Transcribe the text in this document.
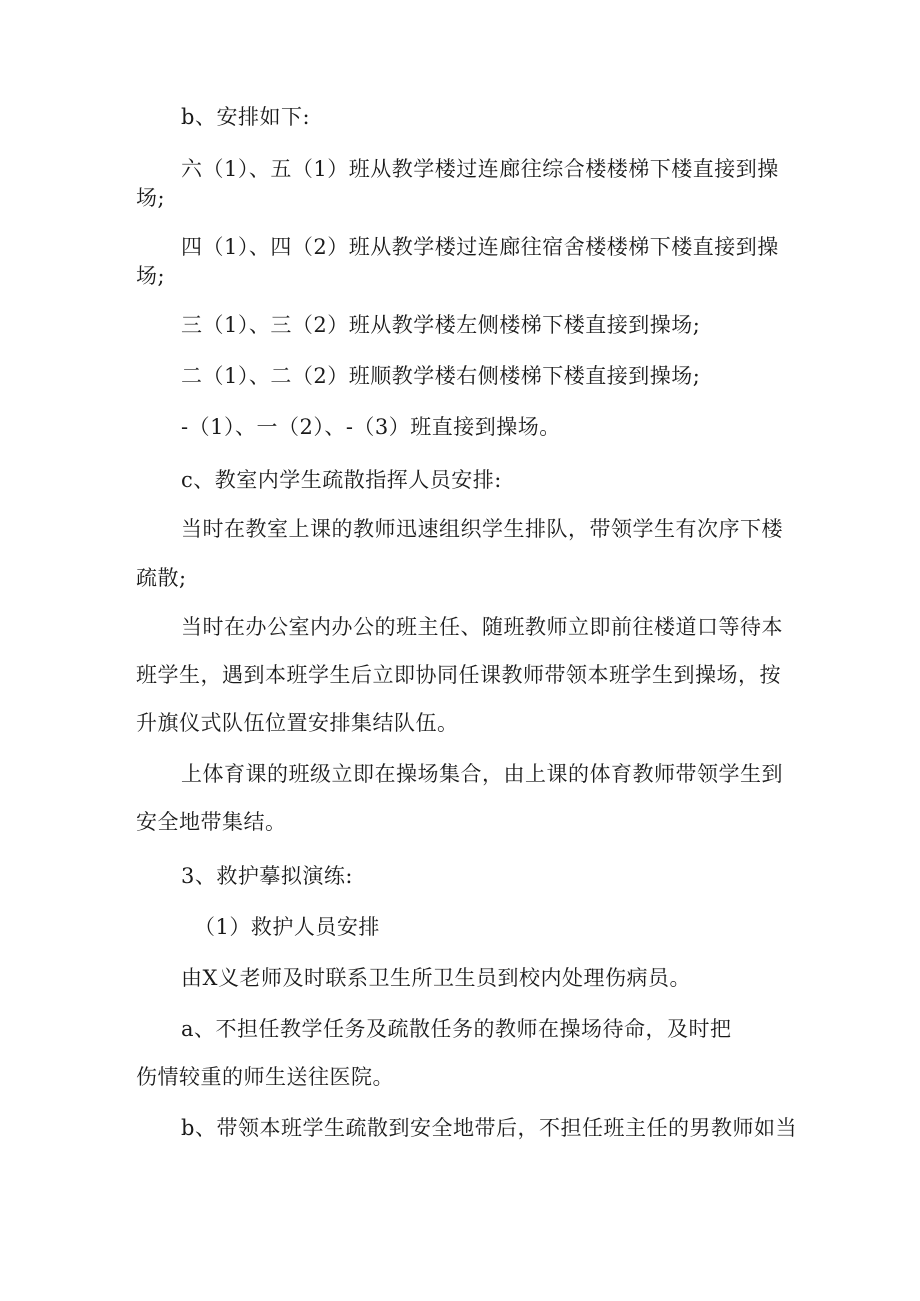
b、安排如下:
六（1）、五（1）班从教学楼过连廊往综合楼楼梯下楼直接到操
场;
四（1）、四（2）班从教学楼过连廊往宿舍楼楼梯下楼直接到操
场;
三（1）、三（2）班从教学楼左侧楼梯下楼直接到操场;
二（1）、二（2）班顺教学楼右侧楼梯下楼直接到操场;
-（1）、一（2）、-（3）班直接到操场。
c、教室内学生疏散指挥人员安排:
当时在教室上课的教师迅速组织学生排队，带领学生有次序下楼
疏散;
当时在办公室内办公的班主任、随班教师立即前往楼道口等待本
班学生，遇到本班学生后立即协同任课教师带领本班学生到操场，按
升旗仪式队伍位置安排集结队伍。
上体育课的班级立即在操场集合，由上课的体育教师带领学生到
安全地带集结。
3、救护摹拟演练:
（1）救护人员安排
由X义老师及时联系卫生所卫生员到校内处理伤病员。
a、不担任教学任务及疏散任务的教师在操场待命，及时把
伤情较重的师生送往医院。
b、带领本班学生疏散到安全地带后，不担任班主任的男教师如当
